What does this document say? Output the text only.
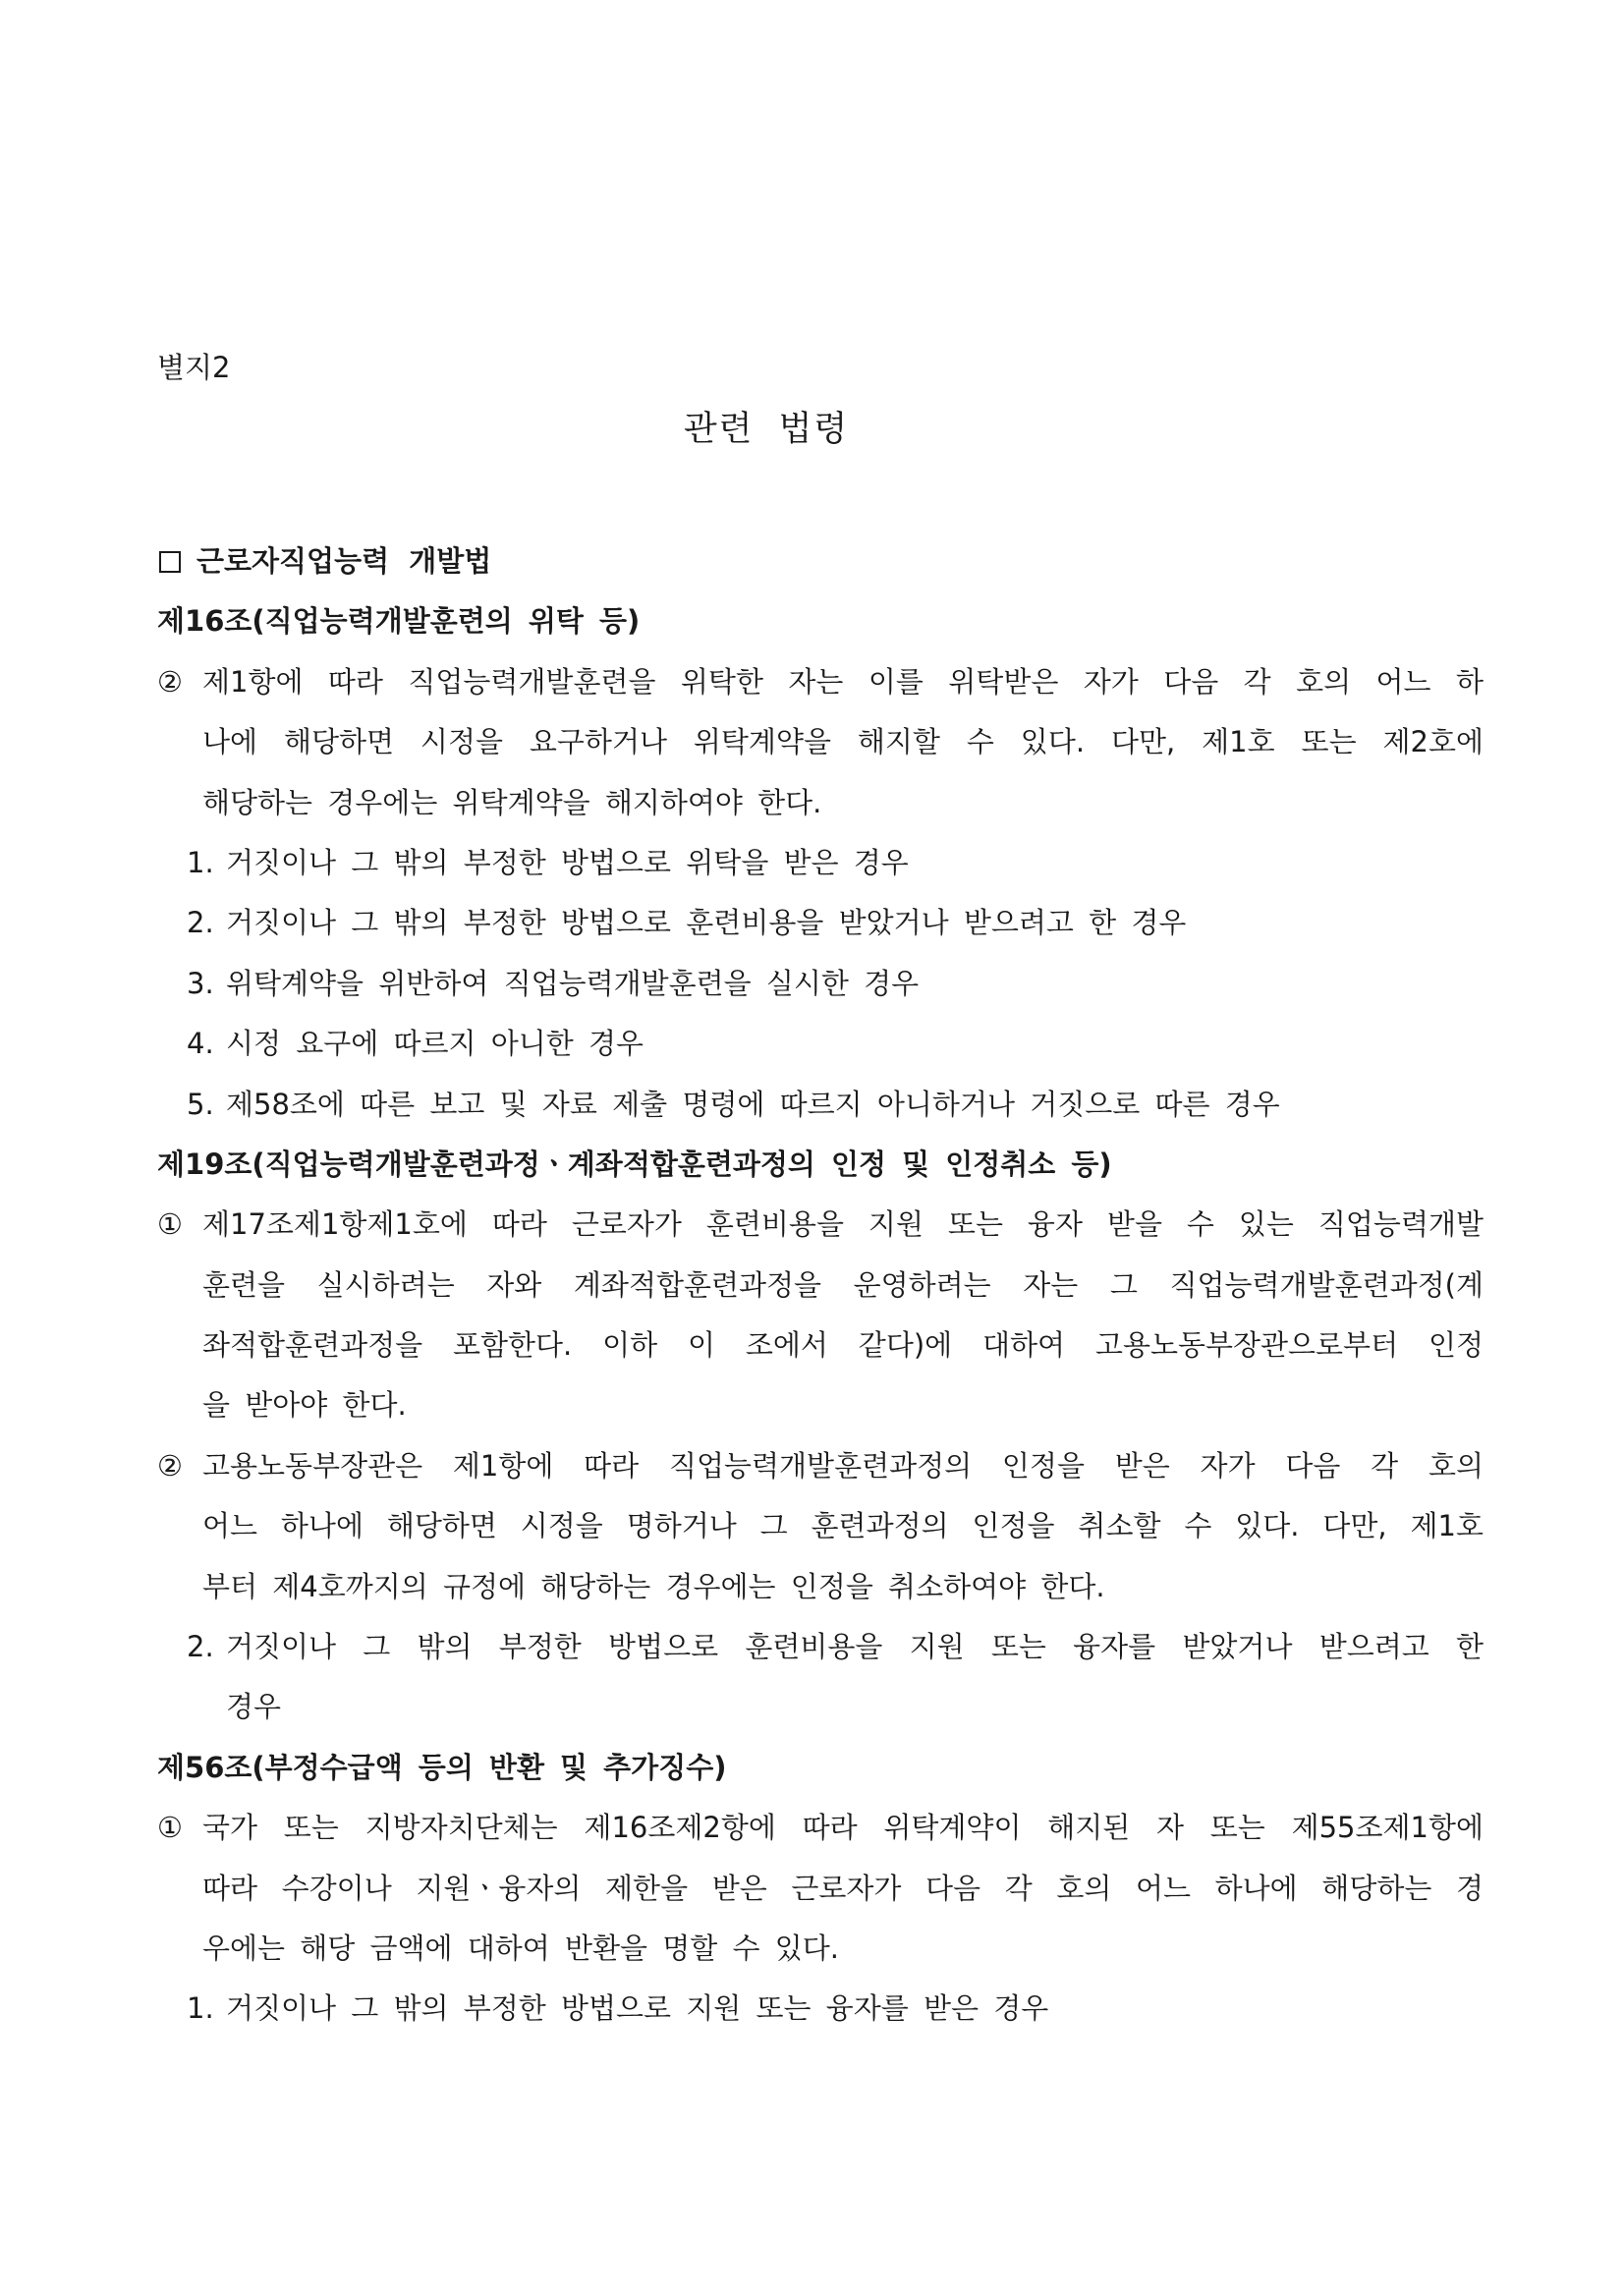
별지2
관련 법령
근로자직업능력 개발법
제16조(직업능력개발훈련의 위탁 등)
② 제1항에 따라 직업능력개발훈련을 위탁한 자는 이를 위탁받은 자가 다음 각 호의 어느 하
나에 해당하면 시정을 요구하거나 위탁계약을 해지할 수 있다. 다만, 제1호 또는 제2호에
해당하는 경우에는 위탁계약을 해지하여야 한다.
1. 거짓이나 그 밖의 부정한 방법으로 위탁을 받은 경우
2. 거짓이나 그 밖의 부정한 방법으로 훈련비용을 받았거나 받으려고 한 경우
3. 위탁계약을 위반하여 직업능력개발훈련을 실시한 경우
4. 시정 요구에 따르지 아니한 경우
5. 제58조에 따른 보고 및 자료 제출 명령에 따르지 아니하거나 거짓으로 따른 경우
제19조(직업능력개발훈련과정ㆍ계좌적합훈련과정의 인정 및 인정취소 등)
① 제17조제1항제1호에 따라 근로자가 훈련비용을 지원 또는 융자 받을 수 있는 직업능력개발
훈련을 실시하려는 자와 계좌적합훈련과정을 운영하려는 자는 그 직업능력개발훈련과정(계
좌적합훈련과정을 포함한다. 이하 이 조에서 같다)에 대하여 고용노동부장관으로부터 인정
을 받아야 한다.
② 고용노동부장관은 제1항에 따라 직업능력개발훈련과정의 인정을 받은 자가 다음 각 호의
어느 하나에 해당하면 시정을 명하거나 그 훈련과정의 인정을 취소할 수 있다. 다만, 제1호
부터 제4호까지의 규정에 해당하는 경우에는 인정을 취소하여야 한다.
2. 거짓이나 그 밖의 부정한 방법으로 훈련비용을 지원 또는 융자를 받았거나 받으려고 한
경우
제56조(부정수급액 등의 반환 및 추가징수)
① 국가 또는 지방자치단체는 제16조제2항에 따라 위탁계약이 해지된 자 또는 제55조제1항에
따라 수강이나 지원ㆍ융자의 제한을 받은 근로자가 다음 각 호의 어느 하나에 해당하는 경
우에는 해당 금액에 대하여 반환을 명할 수 있다.
1. 거짓이나 그 밖의 부정한 방법으로 지원 또는 융자를 받은 경우
